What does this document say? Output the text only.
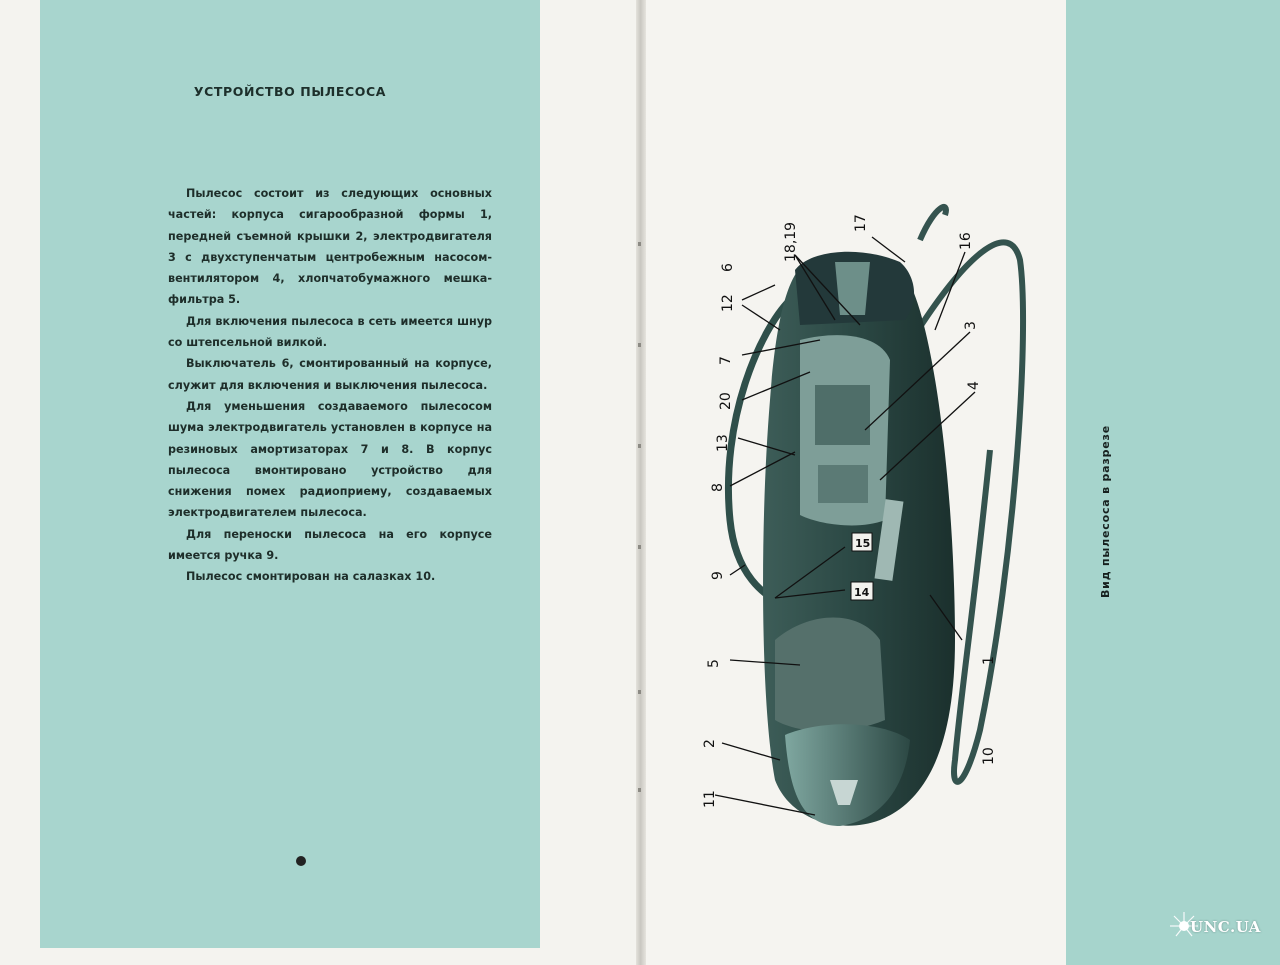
УСТРОЙСТВО ПЫЛЕСОСА

Пылесос состоит из следующих основных частей: корпуса сигарообразной формы 1, передней съемной крышки 2, электродвигателя 3 с двухступенчатым центробежным насосом-вентилятором 4, хлопчатобумажного мешка-фильтра 5.

Для включения пылесоса в сеть имеется шнур со штепсельной вилкой.

Выключатель 6, смонтированный на корпусе, служит для включения и выключения пылесоса.

Для уменьшения создаваемого пылесосом шума электродвигатель установлен в корпусе на резиновых амортизаторах 7 и 8. В корпус пылесоса вмонтировано устройство для снижения помех радиоприему, создаваемых электродвигателем пылесоса.

Для переноски пылесоса на его корпусе имеется ручка 9.

Пылесос смонтирован на салазках 10.	Вид пылесоса в разрезе
6
12
18,19	17
16
3
4
7
20
13
8
9
15
14
5	1
2
10
11
UNC.UA
